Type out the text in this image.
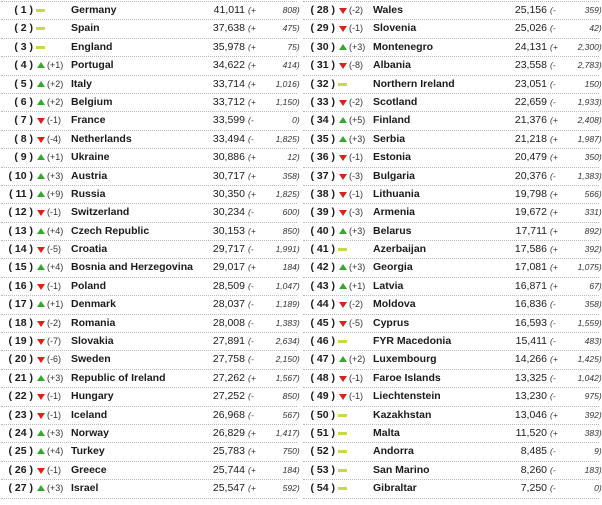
( 1 )	Germany	41,011 (+	808)
( 2 )	Spain	37,638 (+	475)
( 3 )	England	35,978 (+	75)
( 4 ) (+1) Portugal	34,622 (+	414)
( 5 ) (+2) Italy	33,714 (+ 1,016)
( 6 ) (+2) Belgium	33,712 (+ 1,150)
( 7 ) (-1) France	33,599 (-	0)
( 8 ) (-4) Netherlands	33,494 (-	1,825)
( 9 ) (+1) Ukraine	30,886 (+	12)
( 10 ) (+3) Austria	30,717 (+	358)
( 11 ) (+9) Russia	30,350 (+ 1,825)
( 12 ) (-1) Switzerland	30,234 (-	600)
( 13 ) (+4) Czech Republic	30,153 (+	850)
( 14 ) (-5) Croatia	29,717 (-	1,991)
( 15 ) (+4) Bosnia and Herzegovina	29,017 (+	184)
( 16 ) (-1) Poland	28,509 (-	1,047)
( 17 ) (+1) Denmark	28,037 (-	1,189)
( 18 ) (-2) Romania	28,008 (-	1,383)
( 19 ) (-7) Slovakia	27,891 (-	2,634)
( 20 ) (-6) Sweden	27,758 (-	2,150)
( 21 ) (+3) Republic of Ireland	27,262 (+ 1,567)
( 22 ) (-1) Hungary	27,252 (-	850)
( 23 ) (-1) Iceland	26,968 (-	567)
( 24 ) (+3) Norway	26,829 (+ 1,417)
( 25 ) (+4) Turkey	25,783 (+	750)
( 26 ) (-1) Greece	25,744 (+	184)
( 27 ) (+3) Israel	25,547 (+	592)
( 28 ) (-2) Wales	25,156 (-	359)
( 29 ) (-1) Slovenia	25,026 (-	42)
( 30 ) (+3) Montenegro	24,131 (+ 2,300)
( 31 ) (-8) Albania	23,558 (-	2,783)
( 32 )	Northern Ireland	23,051 (-	150)
( 33 ) (-2) Scotland	22,659 (-	1,933)
( 34 ) (+5) Finland	21,376 (+ 2,408)
( 35 ) (+3) Serbia	21,218 (+ 1,987)
( 36 ) (-1) Estonia	20,479 (+	350)
( 37 ) (-3) Bulgaria	20,376 (-	1,383)
( 38 ) (-1) Lithuania	19,798 (+	566)
( 39 ) (-3) Armenia	19,672 (+	331)
( 40 ) (+3) Belarus	17,711 (+	892)
( 41 )	Azerbaijan	17,586 (+	392)
( 42 ) (+3) Georgia	17,081 (+ 1,075)
( 43 ) (+1) Latvia	16,871 (+	67)
( 44 ) (-2) Moldova	16,836 (-	358)
( 45 ) (-5) Cyprus	16,593 (-	1,559)
( 46 )	FYR Macedonia	15,411 (-	483)
( 47 ) (+2) Luxembourg	14,266 (+ 1,425)
( 48 ) (-1) Faroe Islands	13,325 (-	1,042)
( 49 ) (-1) Liechtenstein	13,230 (-	975)
( 50 )	Kazakhstan	13,046 (+	392)
( 51 )	Malta	11,520 (+	383)
( 52 )	Andorra	8,485 (-	9)
( 53 )	San Marino	8,260 (-	183)
( 54 )	Gibraltar	7,250 (-	0)
